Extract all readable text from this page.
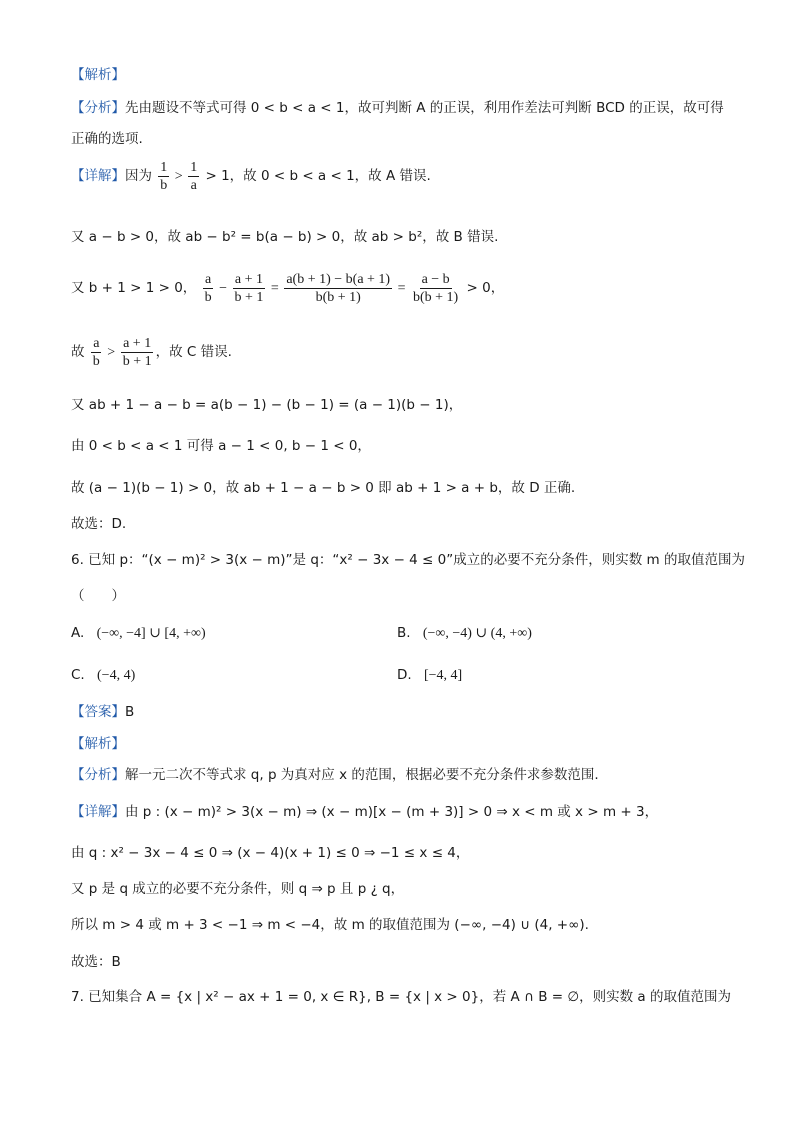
【解析】
【分析】先由题设不等式可得 0 < b < a < 1，故可判断 A 的正误，利用作差法可判断 BCD 的正误，故可得
正确的选项.
【详解】因为 $\frac{1}{b} > \frac{1}{a} > 1$，故 0 < b < a < 1，故 A 错误.
又 a − b > 0，故 ab − b² = b(a − b) > 0，故 ab > b²，故 B 错误.
又 b + 1 > 1 > 0， $\frac{a}{b} - \frac{a + 1}{b + 1} = \frac{a(b + 1) - b(a + 1)}{b(b + 1)} = \frac{a - b}{b(b + 1)} > 0$，
故 $\frac{a}{b} > \frac{a + 1}{b + 1}$ ，故 C 错误.
又 ab + 1 − a − b = a(b − 1) − (b − 1) = (a − 1)(b − 1)，
由 0 < b < a < 1 可得 a − 1 < 0, b − 1 < 0，
故 (a − 1)(b − 1) > 0，故 ab + 1 − a − b > 0 即 ab + 1 > a + b，故 D 正确.
故选：D.
6. 已知 p：“(x − m)² > 3(x − m)”是 q：“x² − 3x − 4 ≤ 0”成立的必要不充分条件，则实数 m 的取值范围为
（　　）
A. (−∞, −4] ∪ [4, +∞)	B. (−∞, −4) ∪ (4, +∞)
C. (−4, 4)	D. [−4, 4]
【答案】B
【解析】
【分析】解一元二次不等式求 q, p 为真对应 x 的范围，根据必要不充分条件求参数范围.
【详解】由 p : (x − m)² > 3(x − m) ⇒ (x − m)[x − (m + 3)] > 0 ⇒ x < m 或 x > m + 3，
由 q : x² − 3x − 4 ≤ 0 ⇒ (x − 4)(x + 1) ≤ 0 ⇒ −1 ≤ x ≤ 4，
又 p 是 q 成立的必要不充分条件，则 q ⇒ p 且 p ¿ q，
所以 m > 4 或 m + 3 < −1 ⇒ m < −4，故 m 的取值范围为 (−∞, −4) ∪ (4, +∞).
故选：B
7. 已知集合 A = {x | x² − ax + 1 = 0, x ∈ R}, B = {x | x > 0}，若 A ∩ B = ∅，则实数 a 的取值范围为
